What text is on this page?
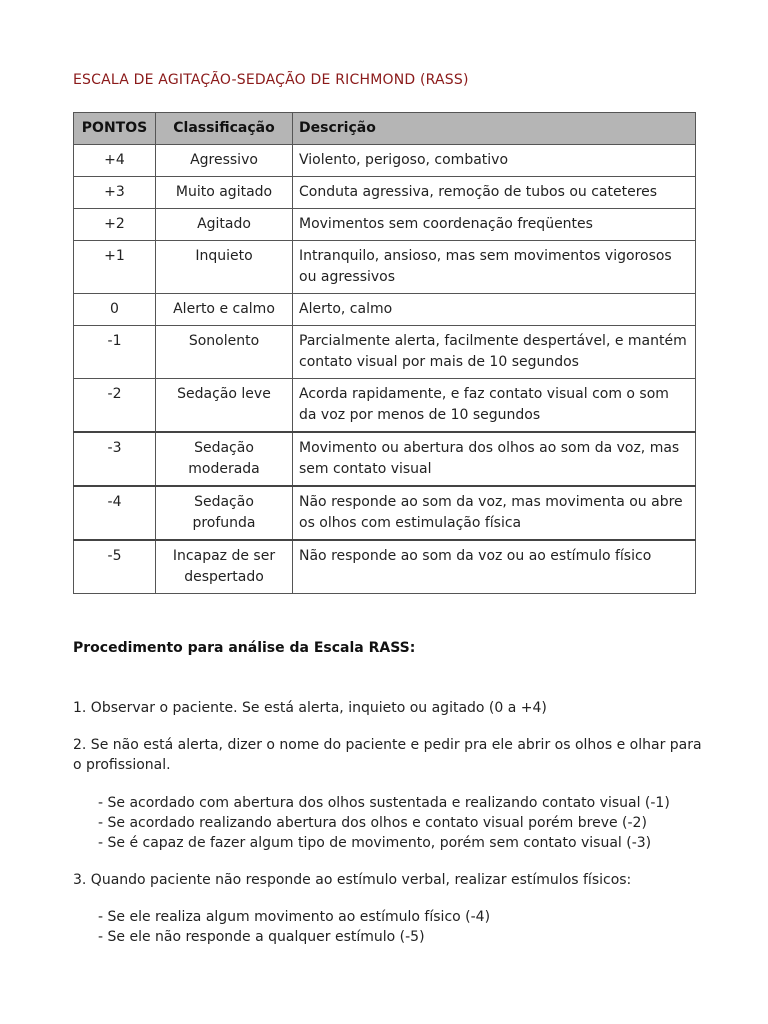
ESCALA DE AGITAÇÃO-SEDAÇÃO DE RICHMOND (RASS)
PONTOS	Classificação	Descrição
+4	Agressivo	Violento, perigoso, combativo
+3	Muito agitado	Conduta agressiva, remoção de tubos ou cateteres
+2	Agitado	Movimentos sem coordenação freqüentes
+1	Inquieto	Intranquilo, ansioso, mas sem movimentos vigorosos ou agressivos
0	Alerto e calmo	Alerto, calmo
-1	Sonolento	Parcialmente alerta, facilmente despertável, e mantém contato visual por mais de 10 segundos
-2	Sedação leve	Acorda rapidamente, e faz contato visual com o som da voz por menos de 10 segundos
-3	Sedação moderada	Movimento ou abertura dos olhos ao som da voz, mas sem contato visual
-4	Sedação profunda	Não responde ao som da voz, mas movimenta ou abre os olhos com estimulação física
-5	Incapaz de ser despertado	Não responde ao som da voz ou ao estímulo físico

Procedimento para análise da Escala RASS:

1. Observar o paciente. Se está alerta, inquieto ou agitado (0 a +4)

2. Se não está alerta, dizer o nome do paciente e pedir pra ele abrir os olhos e olhar para o profissional.

- Se acordado com abertura dos olhos sustentada e realizando contato visual (-1)

- Se acordado realizando abertura dos olhos e contato visual porém breve (-2)

- Se é capaz de fazer algum tipo de movimento, porém sem contato visual (-3)

3. Quando paciente não responde ao estímulo verbal, realizar estímulos físicos:

- Se ele realiza algum movimento ao estímulo físico (-4)

- Se ele não responde a qualquer estímulo (-5)
